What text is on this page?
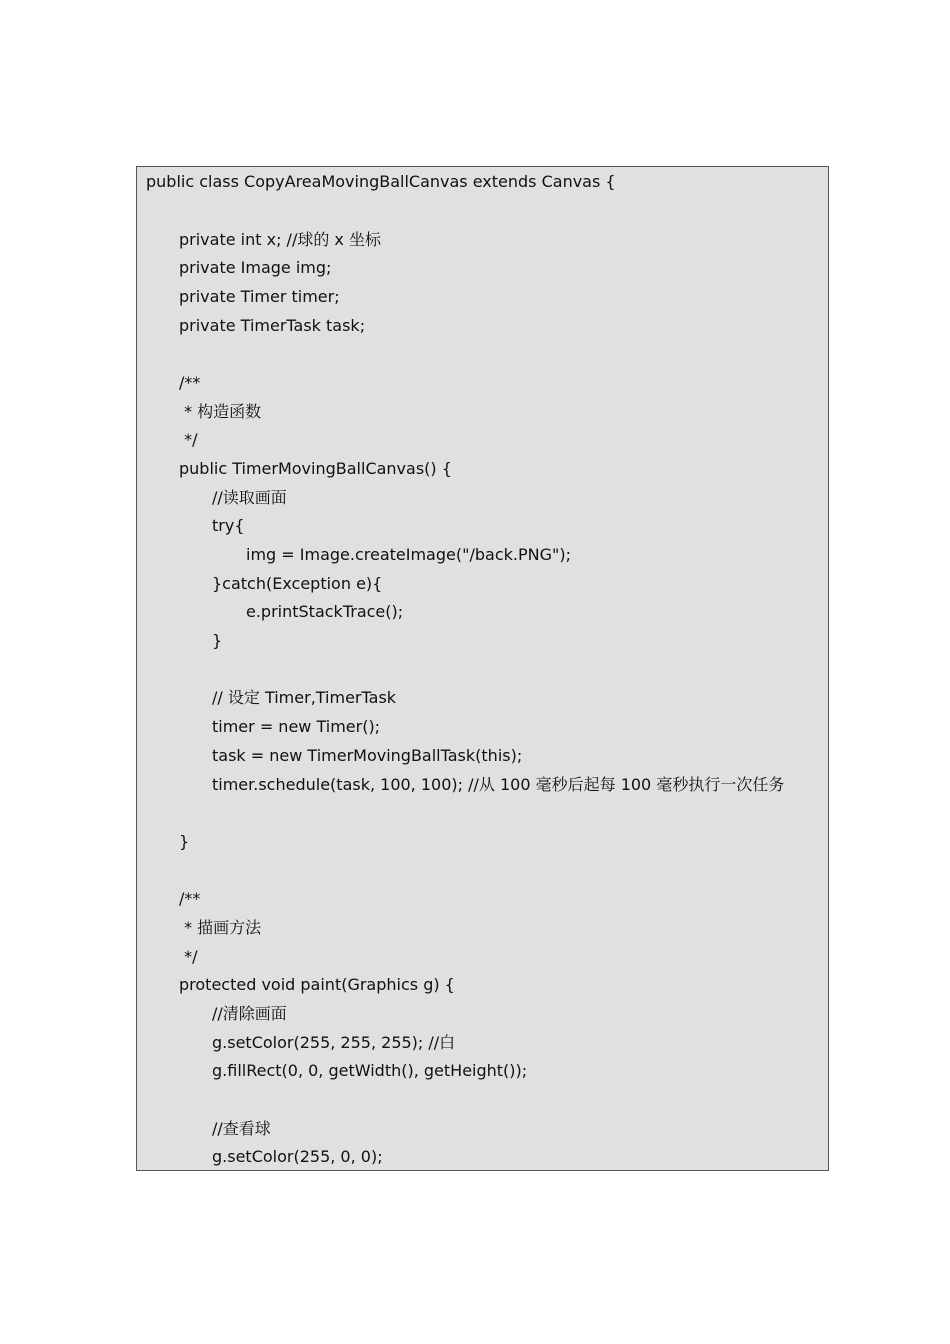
public class CopyAreaMovingBallCanvas extends Canvas {
private int x; //球的 x 坐标
private Image img;
private Timer timer;
private TimerTask task;
/**
* 构造函数
*/
public TimerMovingBallCanvas() {
//读取画面
try{
img = Image.createImage("/back.PNG");
}catch(Exception e){
e.printStackTrace();
}
// 设定 Timer,TimerTask
timer = new Timer();
task = new TimerMovingBallTask(this);
timer.schedule(task, 100, 100); //从 100 毫秒后起每 100 毫秒执行一次任务
}
/**
* 描画方法
*/
protected void paint(Graphics g) {
//清除画面
g.setColor(255, 255, 255); //白
g.fillRect(0, 0, getWidth(), getHeight());
//查看球
g.setColor(255, 0, 0);
